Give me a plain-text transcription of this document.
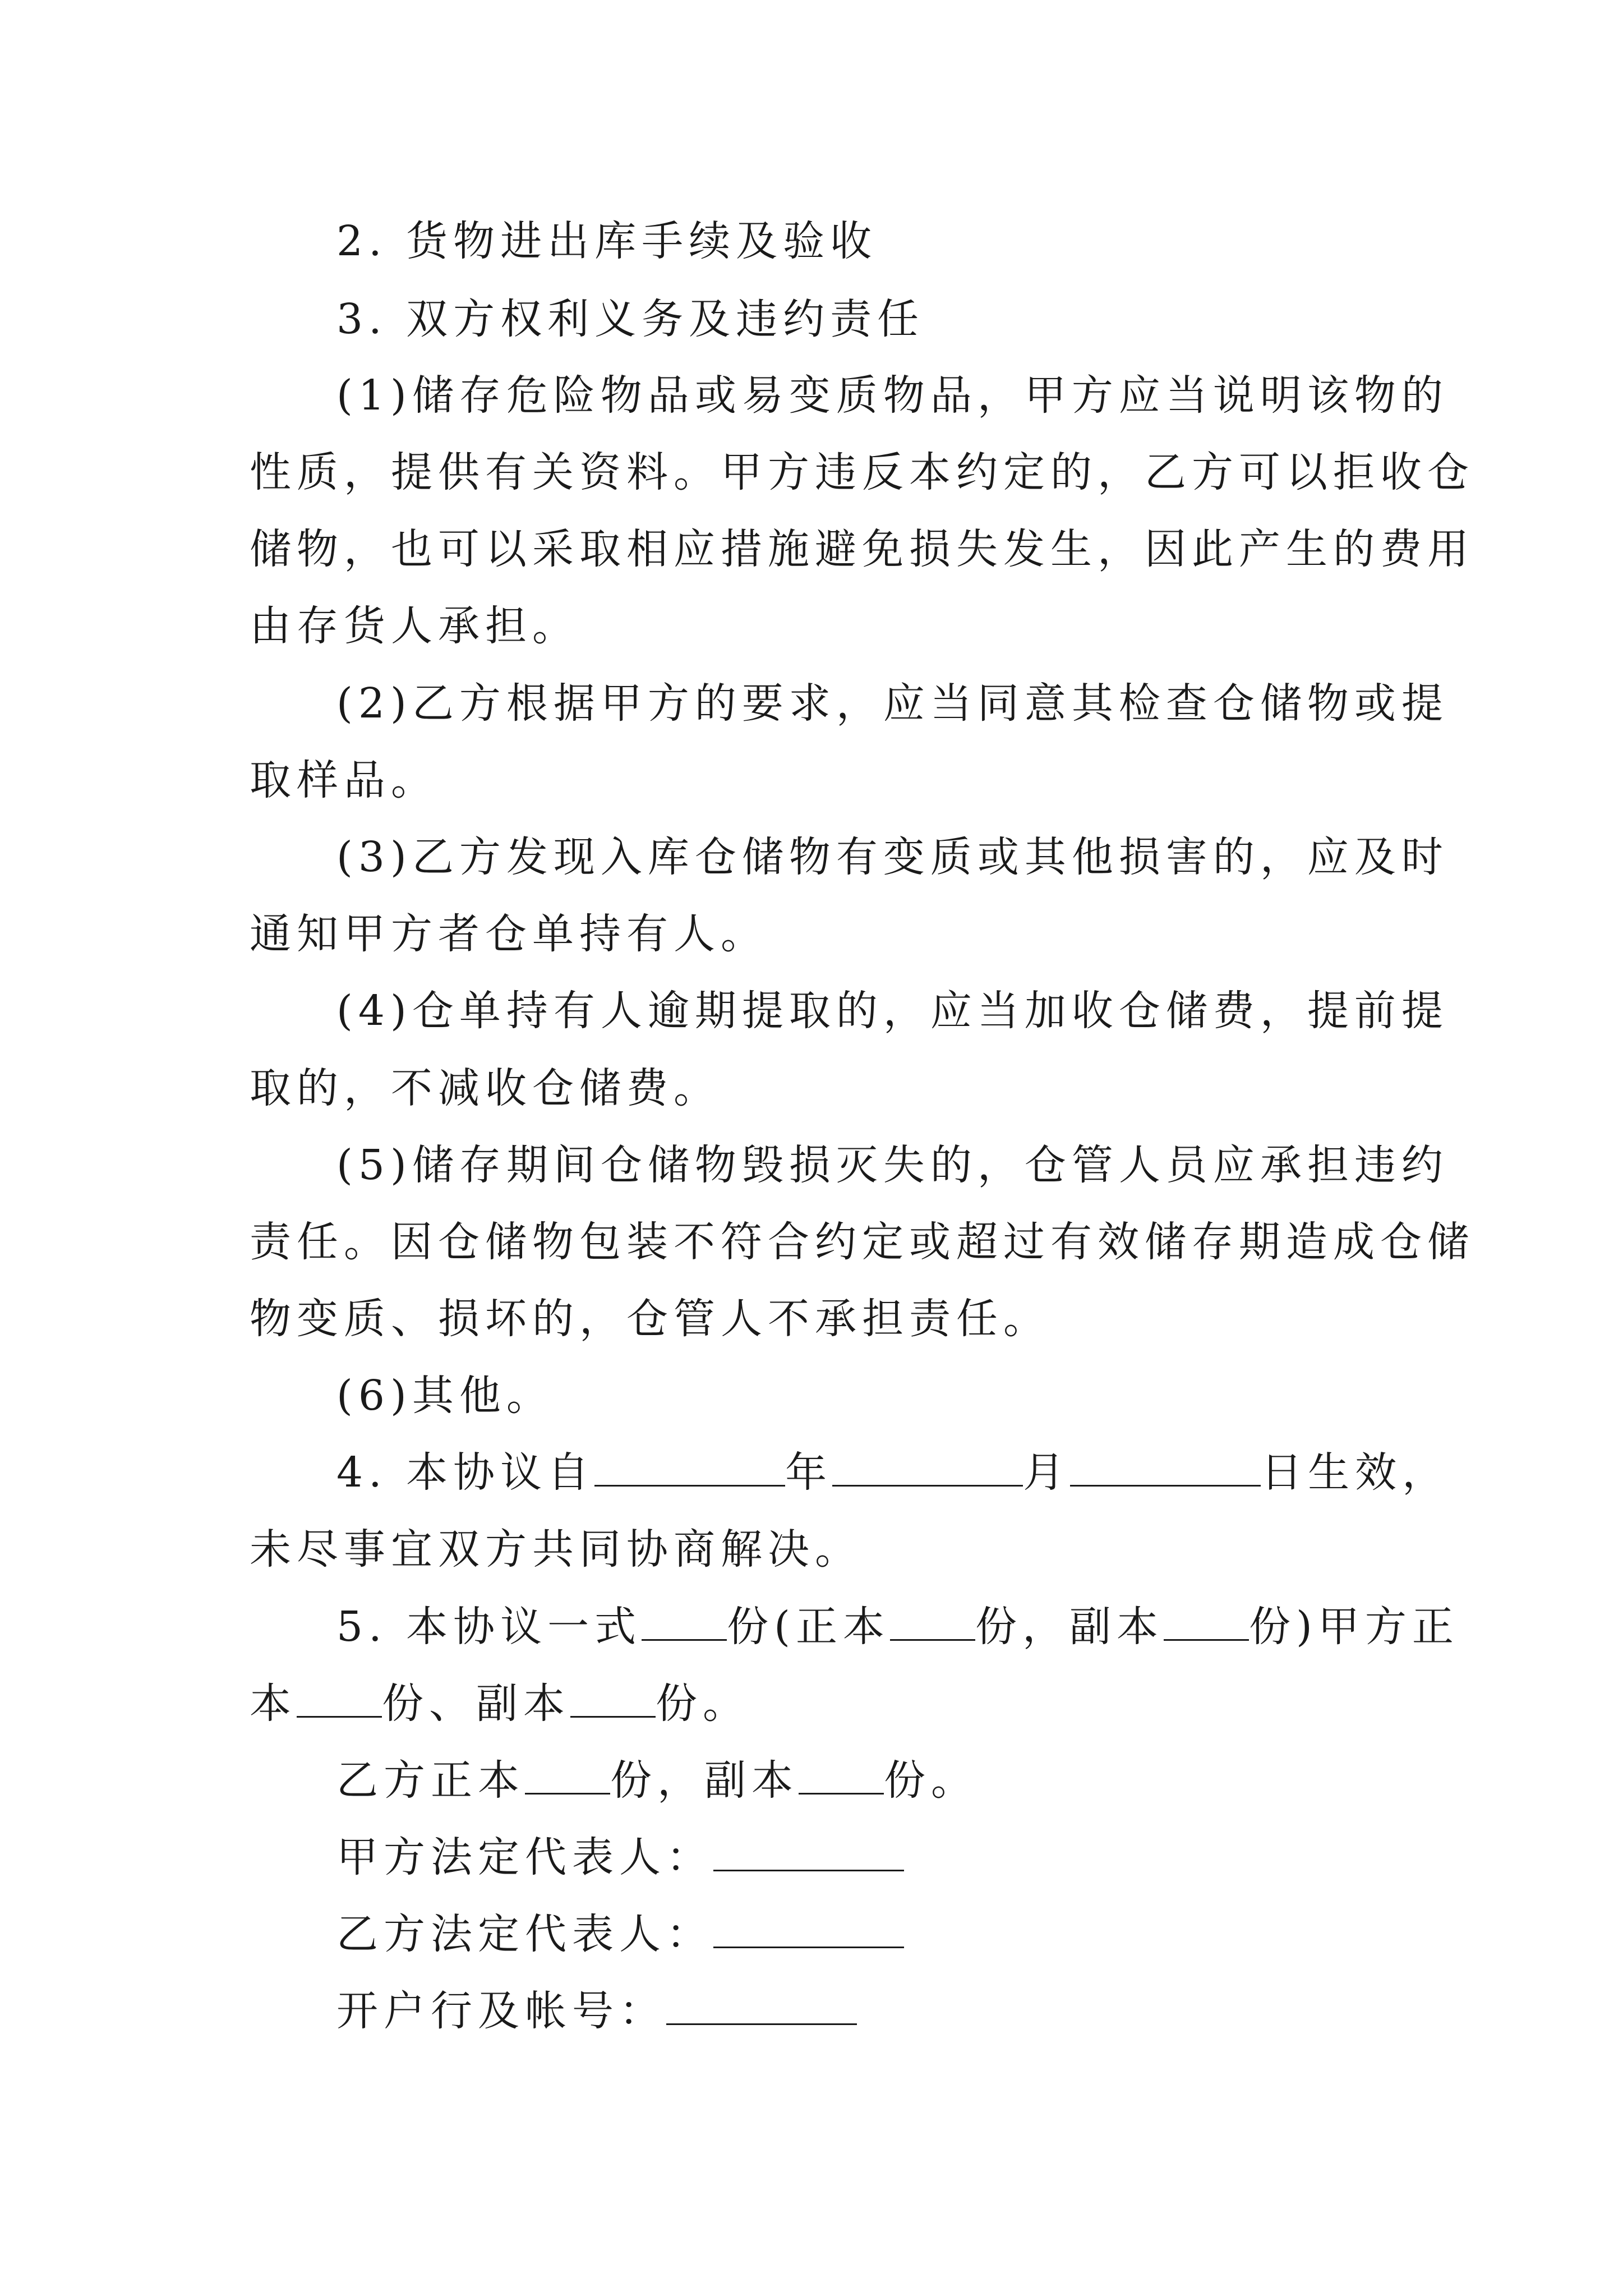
2. 货物进出库手续及验收
3. 双方权利义务及违约责任
(1)储存危险物品或易变质物品，甲方应当说明该物的
性质，提供有关资料。甲方违反本约定的，乙方可以拒收仓
储物，也可以采取相应措施避免损失发生，因此产生的费用
由存货人承担。
(2)乙方根据甲方的要求，应当同意其检查仓储物或提
取样品。
(3)乙方发现入库仓储物有变质或其他损害的，应及时
通知甲方者仓单持有人。
(4)仓单持有人逾期提取的，应当加收仓储费，提前提
取的，不减收仓储费。
(5)储存期间仓储物毁损灭失的，仓管人员应承担违约
责任。因仓储物包装不符合约定或超过有效储存期造成仓储
物变质、损坏的，仓管人不承担责任。
(6)其他。
4. 本协议自	年	月	日生效，
未尽事宜双方共同协商解决。
5. 本协议一式 份(正本 份，副本 份)甲方正
本 份、副本 份。
乙方正本 份，副本 份。
甲方法定代表人：
乙方法定代表人：
开户行及帐号：
